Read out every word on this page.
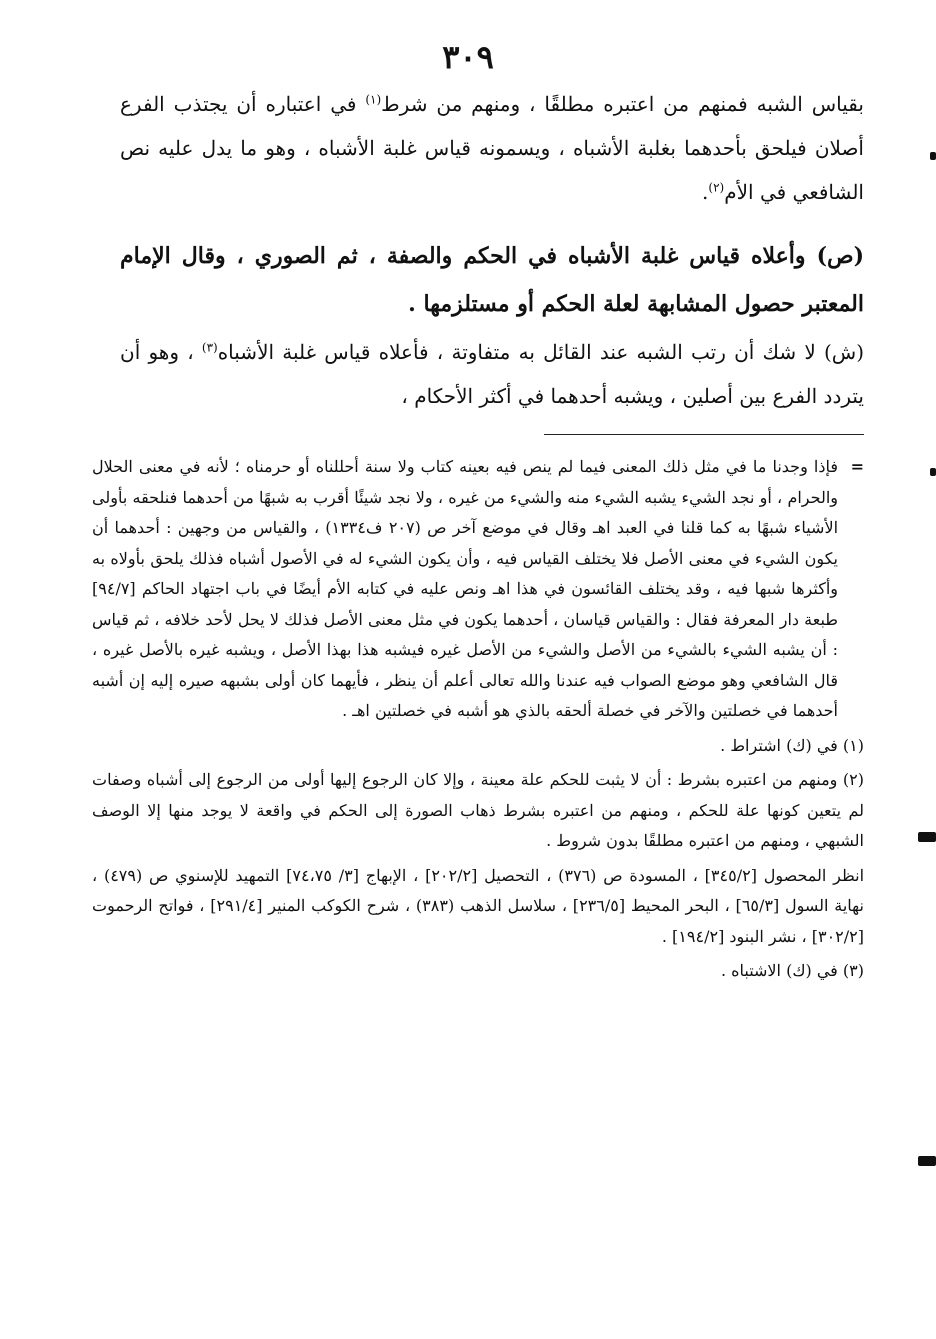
٣٠٩

بقياس الشبه فمنهم من اعتبره مطلقًا ، ومنهم من شرط$^{(١)}$ في اعتباره أن يجتذب الفرع أصلان فيلحق بأحدهما بغلبة الأشباه ، ويسمونه قياس غلبة الأشباه ، وهو ما يدل عليه نص الشافعي في الأم$^{(٢)}$.

(ص) وأعلاه قياس غلبة الأشباه في الحكم والصفة ، ثم الصوري ، وقال الإمام المعتبر حصول المشابهة لعلة الحكم أو مستلزمها .

(ش) لا شك أن رتب الشبه عند القائل به متفاوتة ، فأعلاه قياس غلبة الأشباه$^{(٣)}$ ، وهو أن يتردد الفرع بين أصلين ، ويشبه أحدهما في أكثر الأحكام ،

=
فإذا وجدنا ما في مثل ذلك المعنى فيما لم ينص فيه بعينه كتاب ولا سنة أحللناه أو حرمناه ؛ لأنه في معنى الحلال والحرام ، أو نجد الشيء يشبه الشيء منه والشيء من غيره ، ولا نجد شيئًا أقرب به شبهًا من أحدهما فنلحقه بأولى الأشياء شبهًا به كما قلنا في العبد اهـ وقال في موضع آخر ص (٢٠٧ ف١٣٣٤) ، والقياس من وجهين : أحدهما أن يكون الشيء في معنى الأصل فلا يختلف القياس فيه ، وأن يكون الشيء له في الأصول أشباه فذلك يلحق بأولاه به وأكثرها شبها فيه ، وقد يختلف القائسون في هذا اهـ ونص عليه في كتابه الأم أيضًا في باب اجتهاد الحاكم [٩٤/٧] طبعة دار المعرفة فقال : والقياس قياسان ، أحدهما يكون في مثل معنى الأصل فذلك لا يحل لأحد خلافه ، ثم قياس : أن يشبه الشيء بالشيء من الأصل والشيء من الأصل غيره فيشبه هذا بهذا الأصل ، ويشبه غيره بالأصل غيره ، قال الشافعي وهو موضع الصواب فيه عندنا والله تعالى أعلم أن ينظر ، فأيهما كان أولى بشبهه صيره إليه إن أشبه أحدهما في خصلتين والآخر في خصلة ألحقه بالذي هو أشبه في خصلتين اهـ .

(١) في (ك) اشتراط .

(٢) ومنهم من اعتبره بشرط : أن لا يثبت للحكم علة معينة ، وإلا كان الرجوع إليها أولى من الرجوع إلى أشباه وصفات لم يتعين كونها علة للحكم ، ومنهم من اعتبره بشرط ذهاب الصورة إلى الحكم في واقعة لا يوجد منها إلا الوصف الشبهي ، ومنهم من اعتبره مطلقًا بدون شروط .

انظر المحصول [٣٤٥/٢] ، المسودة ص (٣٧٦) ، التحصيل [٢٠٢/٢] ، الإبهاج [٣/ ٧٤،٧٥] التمهيد للإسنوي ص (٤٧٩) ، نهاية السول [٦٥/٣] ، البحر المحيط [٢٣٦/٥] ، سلاسل الذهب (٣٨٣) ، شرح الكوكب المنير [٢٩١/٤] ، فواتح الرحموت [٣٠٢/٢] ، نشر البنود [١٩٤/٢] .

(٣) في (ك) الاشتباه .
